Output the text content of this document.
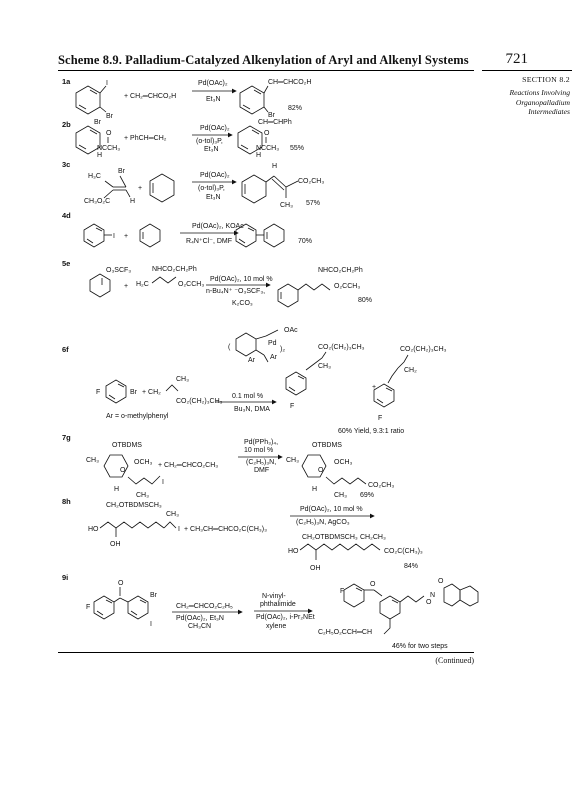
Scheme 8.9. Palladium-Catalyzed Alkenylation of Aryl and Alkenyl Systems 721
SECTION 8.2
Reactions Involving
Organopalladium
Intermediates
1a	I
Br
+ CH₂═CHCO₂H
Pd(OAc)₂
Et₃N
CH═CHCO₂H
Br
82%
2b	Br
O
NCCH₃
H
+ PhCH═CH₂
Pd(OAc)₂
(o-tol)₃P,
Et₃N
CH═CHPh
O
NCCH₃
H
55%
3c
H₃C
Br
CH₃O₂C	H
+
Pd(OAc)₂
(o-tol)₃P,
Et₃N
H
CO₂CH₃
CH₃ 57%
4d
I +
Pd(OAc)₂, KOAc
R₄N⁺Cl⁻, DMF	70%
5e
O₃SCF₃
+
NHCO₂CH₂Ph
H₂C	O₂CCH₃
Pd(OAc)₂, 10 mol %
n-Bu₄N⁺ ⁻O₃SCF₃,
K₂CO₃
NHCO₂CH₂Ph
O₂CCH₃
80%
6f	(
OAc
Pd
Ar Ar
)₂
F	Br + CH₂
CH₃
CO₂(CH₂)₃CH₃
Ar = o-methylphenyl
0.1 mol %
Bu₃N, DMA
CO₂(CH₂)₃CH₃
CH₃
F
+
CO₂(CH₂)₃CH₃
CH₂
F
60% Yield, 9.3:1 ratio
7g
OTBDMS
CH₃
O
OCH₃
I
H
CH₃
+ CH₂═CHCO₂CH₃
Pd(PPh₃)₄,
10 mol %
(C₂H₅)₃N,
DMF
OTBDMS
CH₃
O
OCH₃
H
CH₃
CO₂CH₃
69%
8h	CH₂OTBDMSCH₃
CH₃
HO
OH
I + CH₃CH═CHCO₂C(CH₃)₃
Pd(OAc)₂, 10 mol %
(C₂H₅)₃N, AgCO₃
CH₂OTBDMSCH₃ CH₂CH₃
HO	CO₂C(CH₃)₃
OH	84%
9i
O
F
Br
I
CH₂═CHCO₂C₂H₅
Pd(OAc)₂, Et₃N
CH₃CN
N-vinyl-
phthalimide
Pd(OAc)₂, i-Pr₂NEt
xylene
O
F
O
N
O
C₂H₅O₂CCH═CH
46% for two steps
(Continued)
